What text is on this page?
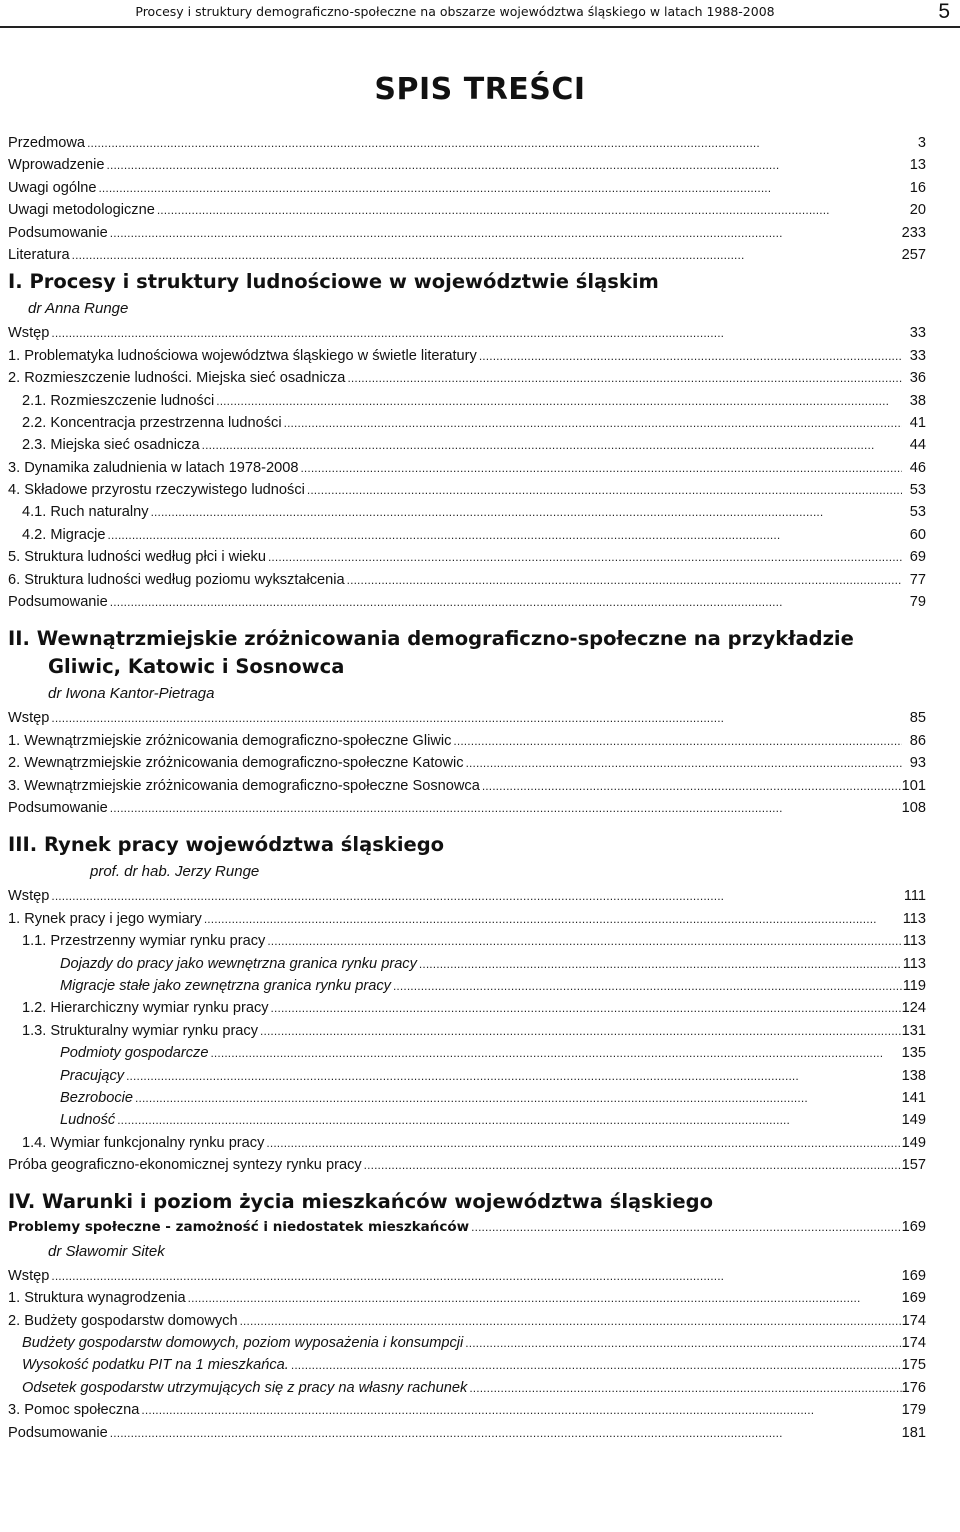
Procesy i struktury demograficzno-społeczne na obszarze województwa śląskiego w latach 1988-2008	5
SPIS TREŚCI
Przedmowa . . .	3
Wprowadzenie . . .	13
Uwagi ogólne . . .	16
Uwagi metodologiczne . . .	20
Podsumowanie . . .	233
Literatura . . .	257
I. Procesy i struktury ludnościowe w województwie śląskim
dr Anna Runge
Wstęp . . .	33
1. Problematyka ludnościowa województwa śląskiego w świetle literatury . . .	33
2. Rozmieszczenie ludności. Miejska sieć osadnicza . . .	36
2.1. Rozmieszczenie ludności . . .	38
2.2. Koncentracja przestrzenna ludności . . .	41
2.3. Miejska sieć osadnicza . . .	44
3. Dynamika zaludnienia w latach 1978-2008 . . .	46
4. Składowe przyrostu rzeczywistego ludności . . .	53
4.1. Ruch naturalny . . .	53
4.2. Migracje . . .	60
5. Struktura ludności według płci i wieku . . .	69
6. Struktura ludności według poziomu wykształcenia . . .	77
Podsumowanie . . .	79
II. Wewnątrzmiejskie zróżnicowania demograficzno-społeczne na przykładzie
Gliwic, Katowic i Sosnowca
dr Iwona Kantor-Pietraga
Wstęp . . .	85
1. Wewnątrzmiejskie zróżnicowania demograficzno-społeczne Gliwic . . .	86
2. Wewnątrzmiejskie zróżnicowania demograficzno-społeczne Katowic . . .	93
3. Wewnątrzmiejskie zróżnicowania demograficzno-społeczne Sosnowca . . .	101
Podsumowanie . . .	108
III. Rynek pracy województwa śląskiego
prof. dr hab. Jerzy Runge
Wstęp . . .	111
1. Rynek pracy i jego wymiary . . .	113
1.1. Przestrzenny wymiar rynku pracy . . .	113
Dojazdy do pracy jako wewnętrzna granica rynku pracy . . .	113
Migracje stałe jako zewnętrzna granica rynku pracy . . .	119
1.2. Hierarchiczny wymiar rynku pracy . . .	124
1.3. Strukturalny wymiar rynku pracy . . .	131
Podmioty gospodarcze . . .	135
Pracujący . . .	138
Bezrobocie . . .	141
Ludność . . .	149
1.4. Wymiar funkcjonalny rynku pracy . . .	149
Próba geograficzno-ekonomicznej syntezy rynku pracy . . .	157
IV. Warunki i poziom życia mieszkańców województwa śląskiego
Problemy społeczne - zamożność i niedostatek mieszkańców . . .	169
dr Sławomir Sitek
Wstęp . . .	169
1. Struktura wynagrodzenia . . .	169
2. Budżety gospodarstw domowych . . .	174
Budżety gospodarstw domowych, poziom wyposażenia i konsumpcji . . .	174
Wysokość podatku PIT na 1 mieszkańca. . . .	175
Odsetek gospodarstw utrzymujących się z pracy na własny rachunek . . .	176
3. Pomoc społeczna . . .	179
Podsumowanie . . .	181
